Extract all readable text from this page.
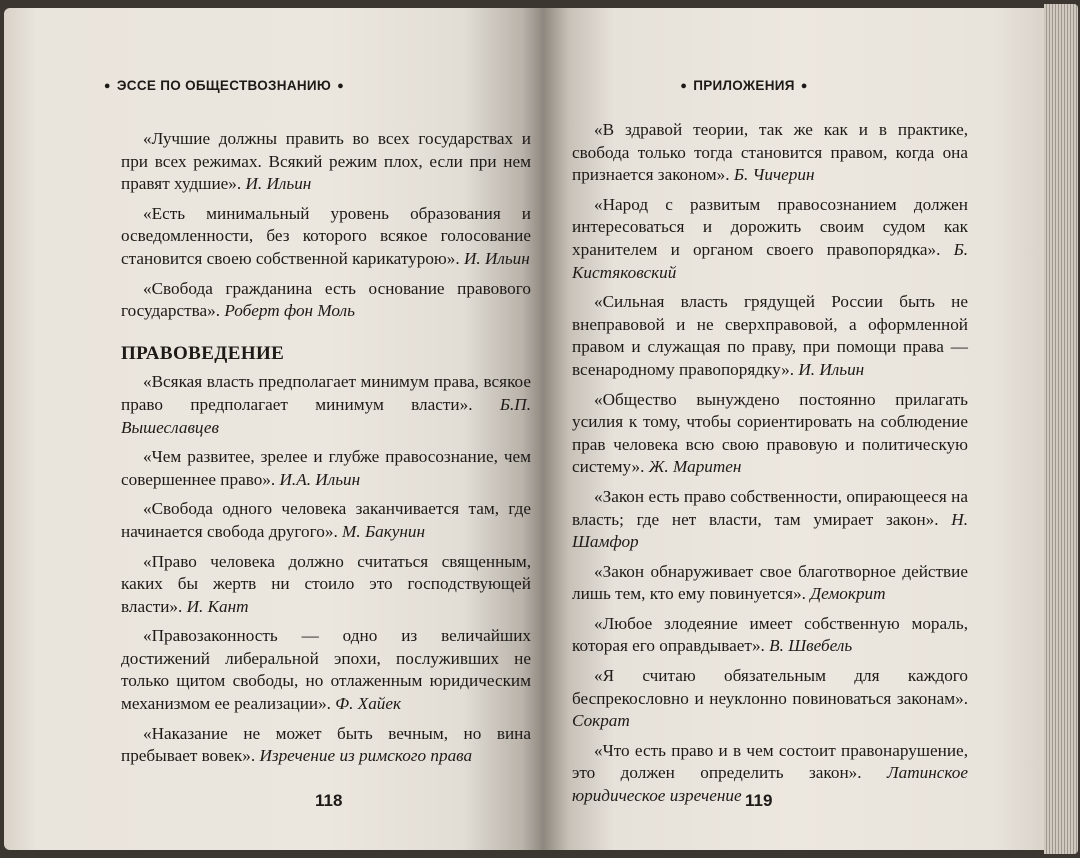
● ЭССЕ ПО ОБЩЕСТВОЗНАНИЮ ●

«Лучшие должны править во всех государствах и при всех режимах. Всякий режим плох, если при нем правят худшие». И. Ильин

«Есть минимальный уровень образования и осведомленности, без которого всякое голосование становится своею собственной карикатурою». И. Ильин

«Свобода гражданина есть основание правового государства». Роберт фон Моль

ПРАВОВЕДЕНИЕ

«Всякая власть предполагает минимум права, всякое право предполагает минимум власти». Б.П. Вышеславцев

«Чем развитее, зрелее и глубже правосознание, чем совершеннее право». И.А. Ильин

«Свобода одного человека заканчивается там, где начинается свобода другого». М. Бакунин

«Право человека должно считаться священным, каких бы жертв ни стоило это господствующей власти». И. Кант

«Правозаконность — одно из величайших достижений либеральной эпохи, послуживших не только щитом свободы, но отлаженным юридическим механизмом ее реализации». Ф. Хайек

«Наказание не может быть вечным, но вина пребывает вовек». Изречение из римского права

118
● ПРИЛОЖЕНИЯ ●

«В здравой теории, так же как и в практике, свобода только тогда становится правом, когда она признается законом». Б. Чичерин

«Народ с развитым правосознанием должен интересоваться и дорожить своим судом как хранителем и органом своего правопорядка». Б. Кистяковский

«Сильная власть грядущей России быть не внеправовой и не сверхправовой, а оформленной правом и служащая по праву, при помощи права — всенародному правопорядку». И. Ильин

«Общество вынуждено постоянно прилагать усилия к тому, чтобы сориентировать на соблюдение прав человека всю свою правовую и политическую систему». Ж. Маритен

«Закон есть право собственности, опирающееся на власть; где нет власти, там умирает закон». Н. Шамфор

«Закон обнаруживает свое благотворное действие лишь тем, кто ему повинуется». Демокрит

«Любое злодеяние имеет собственную мораль, которая его оправдывает». В. Швебель

«Я считаю обязательным для каждого беспрекословно и неуклонно повиноваться законам». Сократ

«Что есть право и в чем состоит правонарушение, это должен определить закон». Латинское юридическое изречение 119
